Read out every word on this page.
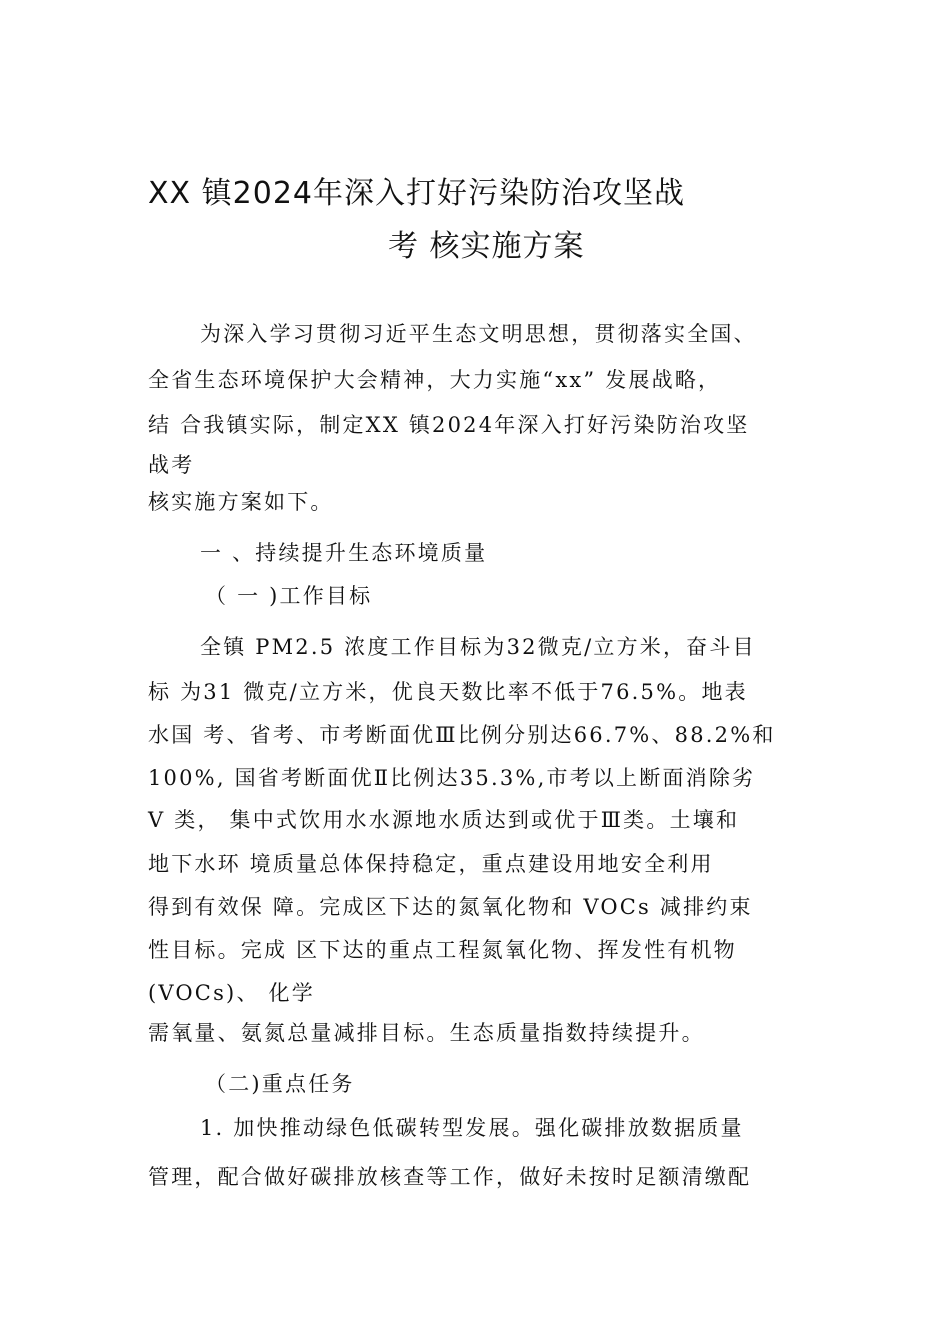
XX 镇2024年深入打好污染防治攻坚战
考 核实施方案
为深入学习贯彻习近平生态文明思想，贯彻落实全国、
全省生态环境保护大会精神，大力实施“xx” 发展战略，
结 合我镇实际，制定XX 镇2024年深入打好污染防治攻坚
战考
核实施方案如下。
一 、持续提升生态环境质量
（ 一 )工作目标
全镇 PM2.5 浓度工作目标为32微克/立方米，奋斗目
标 为31 微克/立方米，优良天数比率不低于76.5%。地表
水国 考、省考、市考断面优Ⅲ比例分别达66.7%、88.2%和
100%, 国省考断面优Ⅱ比例达35.3%,市考以上断面消除劣
Ⅴ 类， 集中式饮用水水源地水质达到或优于Ⅲ类。土壤和
地下水环 境质量总体保持稳定，重点建设用地安全利用
得到有效保 障。完成区下达的氮氧化物和 VOCs 减排约束
性目标。完成 区下达的重点工程氮氧化物、挥发性有机物
(VOCs)、 化学
需氧量、氨氮总量减排目标。生态质量指数持续提升。
（二)重点任务
1. 加快推动绿色低碳转型发展。强化碳排放数据质量
管理，配合做好碳排放核查等工作，做好未按时足额清缴配
